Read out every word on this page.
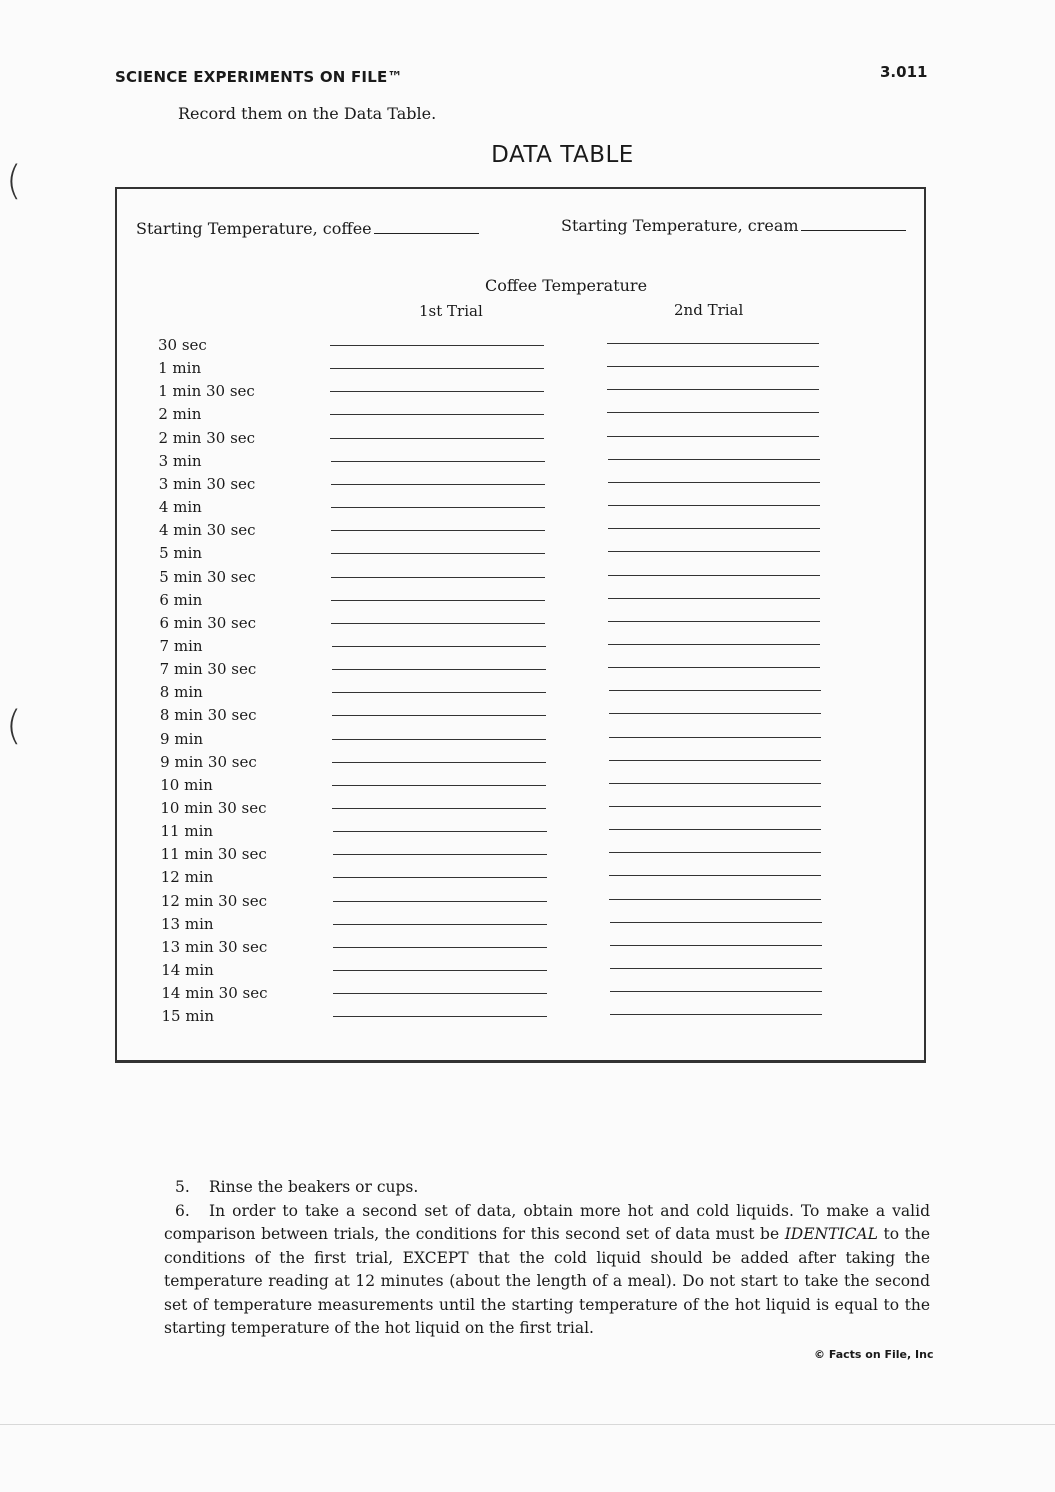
SCIENCE EXPERIMENTS ON FILE™	3.011
(
(
Record them on the Data Table.
DATA TABLE
Starting Temperature, coffee	Starting Temperature, cream
Coffee Temperature
1st Trial	2nd Trial
30 sec
1 min
1 min 30 sec
2 min
2 min 30 sec
3 min
3 min 30 sec
4 min
4 min 30 sec
5 min
5 min 30 sec
6 min
6 min 30 sec
7 min
7 min 30 sec
8 min
8 min 30 sec
9 min
9 min 30 sec
10 min
10 min 30 sec
11 min
11 min 30 sec
12 min
12 min 30 sec
13 min
13 min 30 sec
14 min
14 min 30 sec
15 min

5. Rinse the beakers or cups.

6. In order to take a second set of data, obtain more hot and cold liquids. To make a valid comparison between trials, the conditions for this second set of data must be IDENTICAL to the conditions of the first trial, EXCEPT that the cold liquid should be added after taking the temperature reading at 12 minutes (about the length of a meal). Do not start to take the second set of temperature measurements until the starting temperature of the hot liquid is equal to the starting temperature of the hot liquid on the first trial.

© Facts on File, Inc
